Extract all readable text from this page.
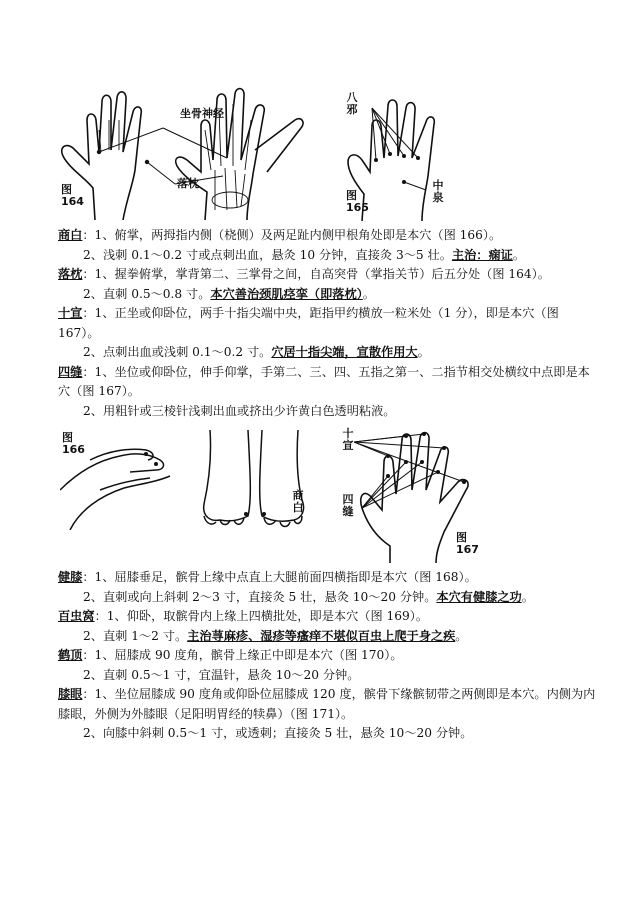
图
164
坐骨神经
落枕
八邪
中泉
图
165
图
166
商白
十宣
四缝
图
167

商白：1、俯掌，两拇指内侧（桡侧）及两足趾内侧甲根角处即是本穴（图 166）。

2、浅刺 0.1～0.2 寸或点刺出血，悬灸 10 分钟，直接灸 3～5 壮。主治：痫证。

落枕：1、握拳俯掌，掌背第二、三掌骨之间，自高突骨（掌指关节）后五分处（图 164）。

2、直刺 0.5～0.8 寸。本穴善治颈肌痉挛（即落枕）。

十宣：1、正坐或仰卧位，两手十指尖端中央，距指甲约横放一粒米处（1 分），即是本穴（图 167）。

2、点刺出血或浅刺 0.1～0.2 寸。穴居十指尖端，宣散作用大。

四缝：1、坐位或仰卧位，伸手仰掌，手第二、三、四、五指之第一、二指节相交处横纹中点即是本穴（图 167）。

2、用粗针或三棱针浅刺出血或挤出少许黄白色透明粘液。

健膝：1、屈膝垂足，髌骨上缘中点直上大腿前面四横指即是本穴（图 168）。

2、直刺或向上斜刺 2～3 寸，直接灸 5 壮，悬灸 10～20 分钟。本穴有健膝之功。

百虫窝：1、仰卧，取髌骨内上缘上四横批处，即是本穴（图 169）。

2、直刺 1～2 寸。主治荨麻疹、湿疹等瘙痒不堪似百虫上爬于身之疾。

鹤顶：1、屈膝成 90 度角，髌骨上缘正中即是本穴（图 170）。

2、直刺 0.5～1 寸，宜温针，悬灸 10～20 分钟。

膝眼：1、坐位屈膝成 90 度角或仰卧位屈膝成 120 度，髌骨下缘髌韧带之两侧即是本穴。内侧为内膝眼，外侧为外膝眼（足阳明胃经的犊鼻）（图 171）。

2、向膝中斜刺 0.5～1 寸，或透刺；直接灸 5 壮，悬灸 10～20 分钟。
